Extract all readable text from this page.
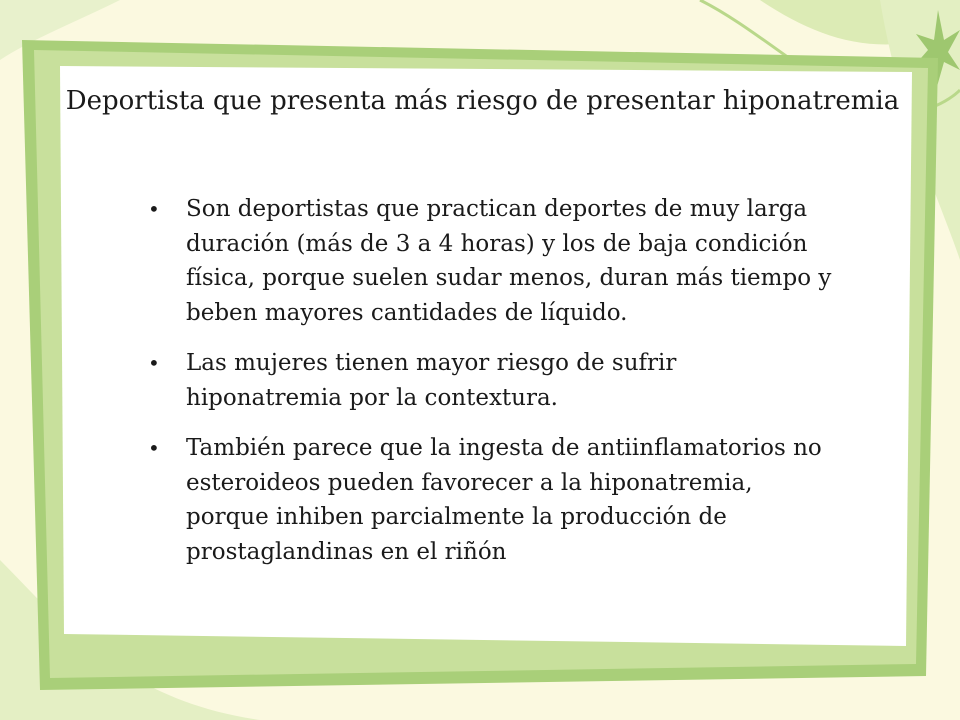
Deportista que presenta más riesgo de presentar hiponatremia
• Son deportistas que practican deportes de muy larga duración (más de 3 a 4 horas) y los de baja condición física, porque suelen sudar menos, duran más tiempo y beben mayores cantidades de líquido.
• Las mujeres tienen mayor riesgo de sufrir hiponatremia por la contextura.
• También parece que la ingesta de antiinflamatorios no esteroideos pueden favorecer a la hiponatremia, porque inhiben parcialmente la producción de prostaglandinas en el riñón
